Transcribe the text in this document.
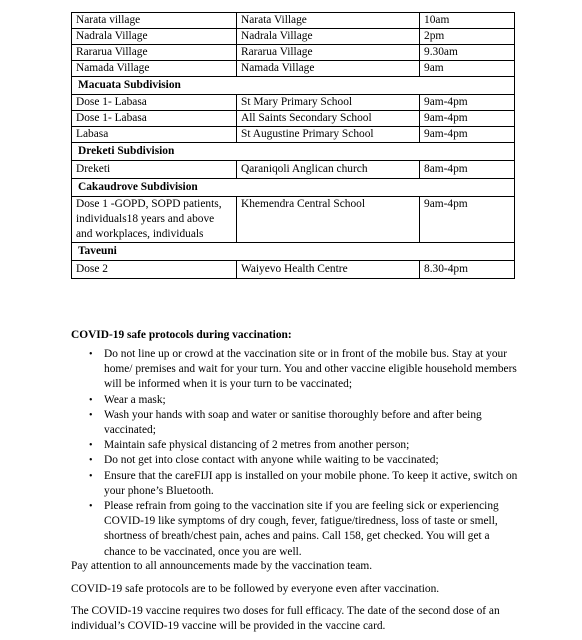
Narata village	Narata Village	10am
Nadrala Village	Nadrala Village	2pm
Rararua Village	Rararua Village	9.30am
Namada Village	Namada Village	9am
Macuata Subdivision		
Dose 1- Labasa	St Mary Primary School	9am-4pm
Dose 1- Labasa	All Saints Secondary School	9am-4pm
Labasa	St Augustine Primary School	9am-4pm
Dreketi Subdivision		
Dreketi	Qaraniqoli Anglican church	8am-4pm
Cakaudrove Subdivision		
Dose 1 -GOPD, SOPD patients, individuals18 years and above and workplaces, individuals	Khemendra Central School	9am-4pm
Taveuni		
Dose 2	Waiyevo Health Centre	8.30-4pm
COVID-19 safe protocols during vaccination:
• Do not line up or crowd at the vaccination site or in front of the mobile bus. Stay at your home/ premises and wait for your turn. You and other vaccine eligible household members will be informed when it is your turn to be vaccinated;
• Wear a mask;
• Wash your hands with soap and water or sanitise thoroughly before and after being vaccinated;
• Maintain safe physical distancing of 2 metres from another person;
• Do not get into close contact with anyone while waiting to be vaccinated;
• Ensure that the careFIJI app is installed on your mobile phone. To keep it active, switch on your phone’s Bluetooth.
• Please refrain from going to the vaccination site if you are feeling sick or experiencing COVID-19 like symptoms of dry cough, fever, fatigue/tiredness, loss of taste or smell, shortness of breath/chest pain, aches and pains. Call 158, get checked. You will get a chance to be vaccinated, once you are well.

Pay attention to all announcements made by the vaccination team.

COVID-19 safe protocols are to be followed by everyone even after vaccination.

The COVID-19 vaccine requires two doses for full efficacy. The date of the second dose of an individual’s COVID-19 vaccine will be provided in the vaccine card.
